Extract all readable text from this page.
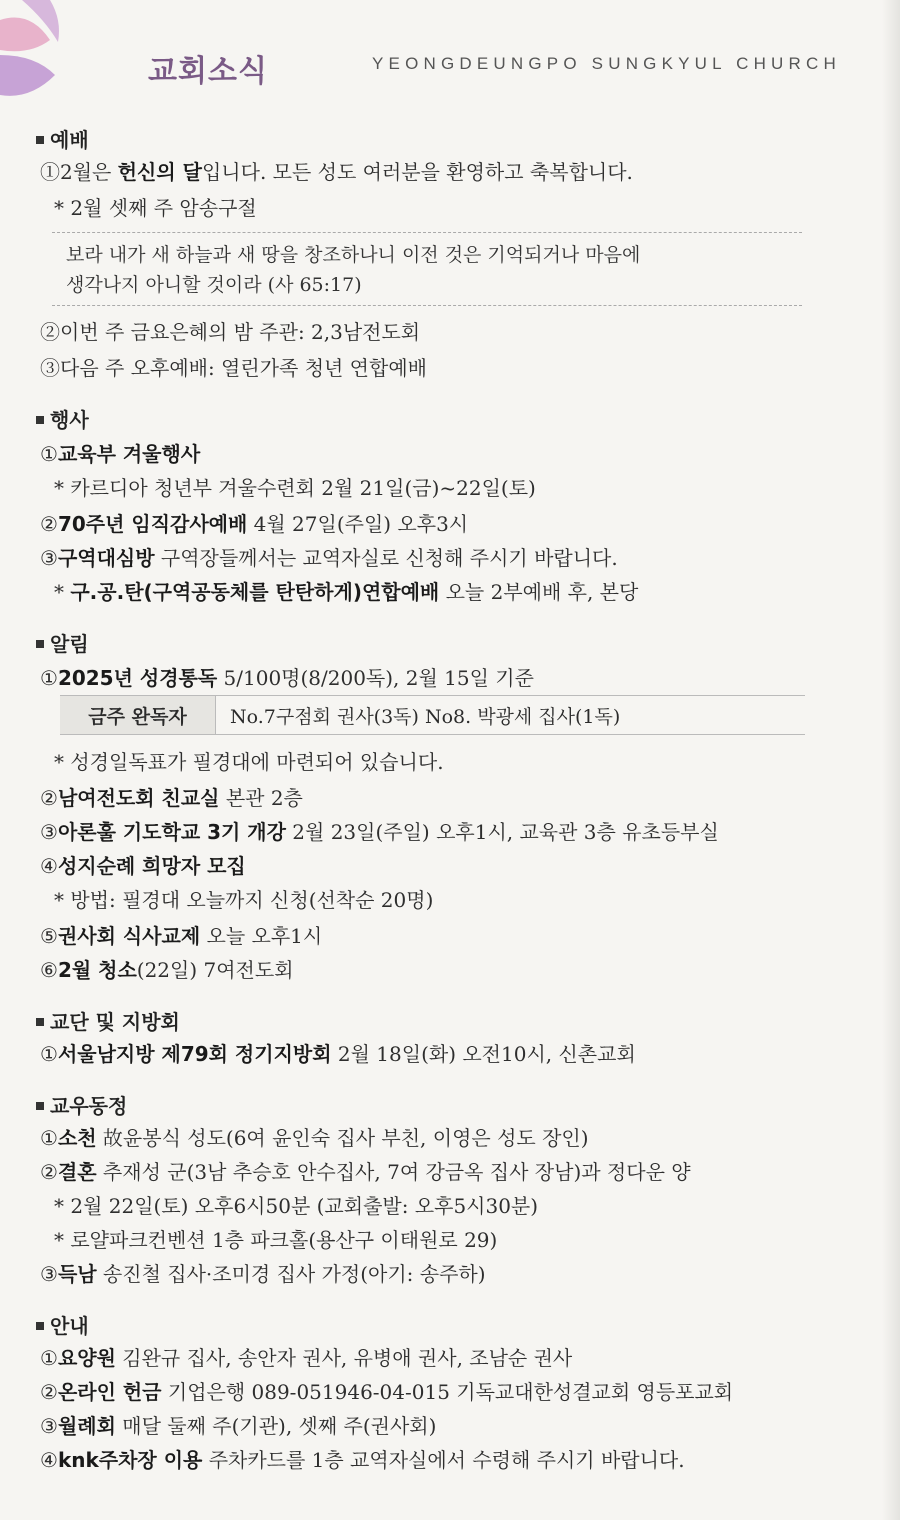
교회소식	YEONGDEUNGPO SUNGKYUL CHURCH
예배
①2월은 헌신의 달입니다. 모든 성도 여러분을 환영하고 축복합니다.
* 2월 셋째 주 암송구절
보라 내가 새 하늘과 새 땅을 창조하나니 이전 것은 기억되거나 마음에
생각나지 아니할 것이라 (사 65:17)
②이번 주 금요은혜의 밤 주관: 2,3남전도회
③다음 주 오후예배: 열린가족 청년 연합예배
행사
①교육부 겨울행사
* 카르디아 청년부 겨울수련회 2월 21일(금)~22일(토)
②70주년 임직감사예배 4월 27일(주일) 오후3시
③구역대심방 구역장들께서는 교역자실로 신청해 주시기 바랍니다.
* 구.공.탄(구역공동체를 탄탄하게)연합예배 오늘 2부예배 후, 본당
알림
①2025년 성경통독 5/100명(8/200독), 2월 15일 기준
금주 완독자	No.7구점회 권사(3독) No8. 박광세 집사(1독)
* 성경일독표가 필경대에 마련되어 있습니다.
②남여전도회 친교실 본관 2층
③아론훌 기도학교 3기 개강 2월 23일(주일) 오후1시, 교육관 3층 유초등부실
④성지순례 희망자 모집
* 방법: 필경대 오늘까지 신청(선착순 20명)
⑤권사회 식사교제 오늘 오후1시
⑥2월 청소(22일) 7여전도회
교단 및 지방회
①서울남지방 제79회 정기지방회 2월 18일(화) 오전10시, 신촌교회
교우동정
①소천 故윤봉식 성도(6여 윤인숙 집사 부친, 이영은 성도 장인)
②결혼 추재성 군(3남 추승호 안수집사, 7여 강금옥 집사 장남)과 정다운 양
* 2월 22일(토) 오후6시50분 (교회출발: 오후5시30분)
* 로얄파크컨벤션 1층 파크홀(용산구 이태원로 29)
③득남 송진철 집사·조미경 집사 가정(아기: 송주하)
안내
①요양원 김완규 집사, 송안자 권사, 유병애 권사, 조남순 권사
②온라인 헌금 기업은행 089-051946-04-015 기독교대한성결교회 영등포교회
③월례회 매달 둘째 주(기관), 셋째 주(권사회)
④knk주차장 이용 주차카드를 1층 교역자실에서 수령해 주시기 바랍니다.
